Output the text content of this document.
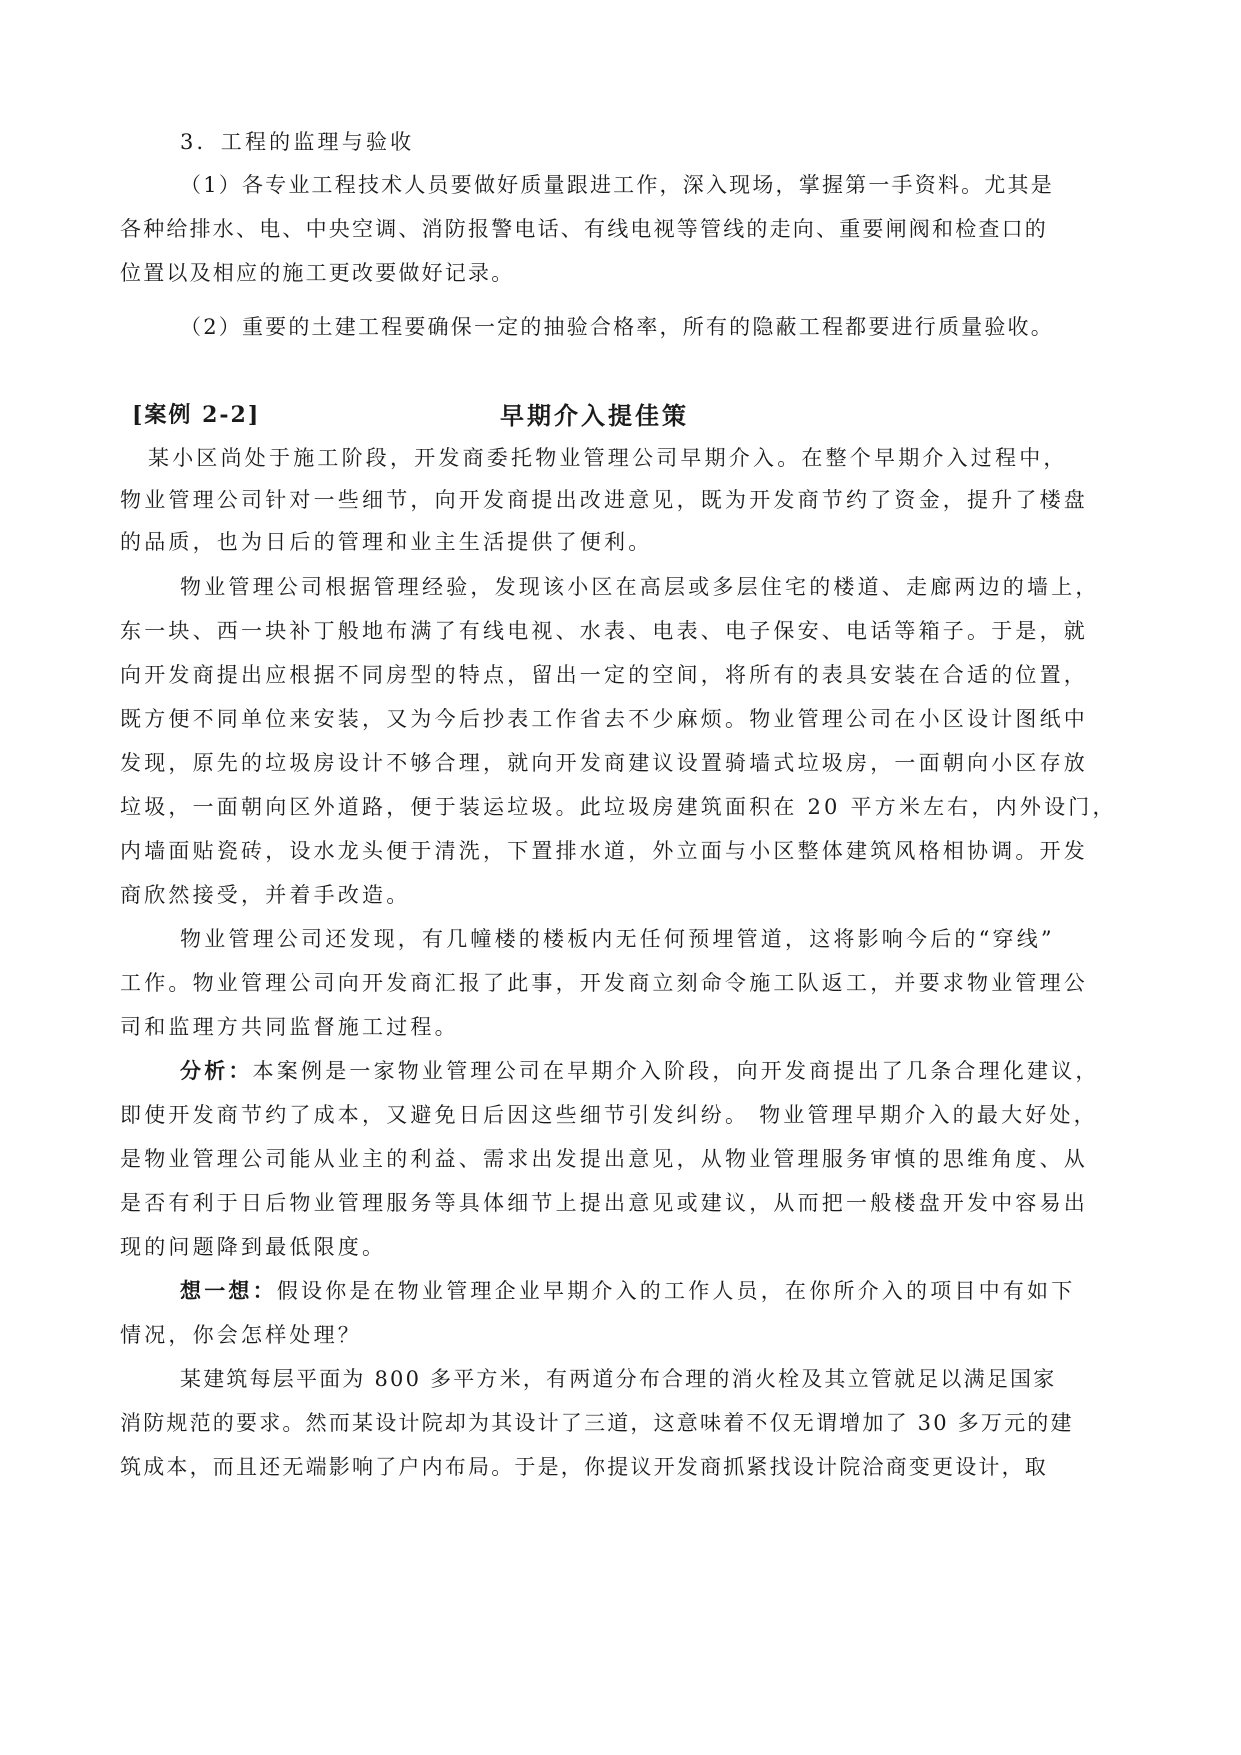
3．工程的监理与验收
（1）各专业工程技术人员要做好质量跟进工作，深入现场，掌握第一手资料。尤其是
各种给排水、电、中央空调、消防报警电话、有线电视等管线的走向、重要闸阀和检查口的
位置以及相应的施工更改要做好记录。
（2）重要的土建工程要确保一定的抽验合格率，所有的隐蔽工程都要进行质量验收。
[案例 2-2]	早期介入提佳策
某小区尚处于施工阶段，开发商委托物业管理公司早期介入。在整个早期介入过程中，
物业管理公司针对一些细节，向开发商提出改进意见，既为开发商节约了资金，提升了楼盘
的品质，也为日后的管理和业主生活提供了便利。
物业管理公司根据管理经验，发现该小区在高层或多层住宅的楼道、走廊两边的墙上，
东一块、西一块补丁般地布满了有线电视、水表、电表、电子保安、电话等箱子。于是，就
向开发商提出应根据不同房型的特点，留出一定的空间，将所有的表具安装在合适的位置，
既方便不同单位来安装，又为今后抄表工作省去不少麻烦。物业管理公司在小区设计图纸中
发现，原先的垃圾房设计不够合理，就向开发商建议设置骑墙式垃圾房，一面朝向小区存放
垃圾，一面朝向区外道路，便于装运垃圾。此垃圾房建筑面积在 20 平方米左右，内外设门，
内墙面贴瓷砖，设水龙头便于清洗，下置排水道，外立面与小区整体建筑风格相协调。开发
商欣然接受，并着手改造。
物业管理公司还发现，有几幢楼的楼板内无任何预埋管道，这将影响今后的“穿线”
工作。物业管理公司向开发商汇报了此事，开发商立刻命令施工队返工，并要求物业管理公
司和监理方共同监督施工过程。
分析：本案例是一家物业管理公司在早期介入阶段，向开发商提出了几条合理化建议，
即使开发商节约了成本，又避免日后因这些细节引发纠纷。 物业管理早期介入的最大好处，
是物业管理公司能从业主的利益、需求出发提出意见，从物业管理服务审慎的思维角度、从
是否有利于日后物业管理服务等具体细节上提出意见或建议，从而把一般楼盘开发中容易出
现的问题降到最低限度。
想一想：假设你是在物业管理企业早期介入的工作人员，在你所介入的项目中有如下
情况，你会怎样处理？
某建筑每层平面为 800 多平方米，有两道分布合理的消火栓及其立管就足以满足国家
消防规范的要求。然而某设计院却为其设计了三道，这意味着不仅无谓增加了 30 多万元的建
筑成本，而且还无端影响了户内布局。于是，你提议开发商抓紧找设计院洽商变更设计，取
